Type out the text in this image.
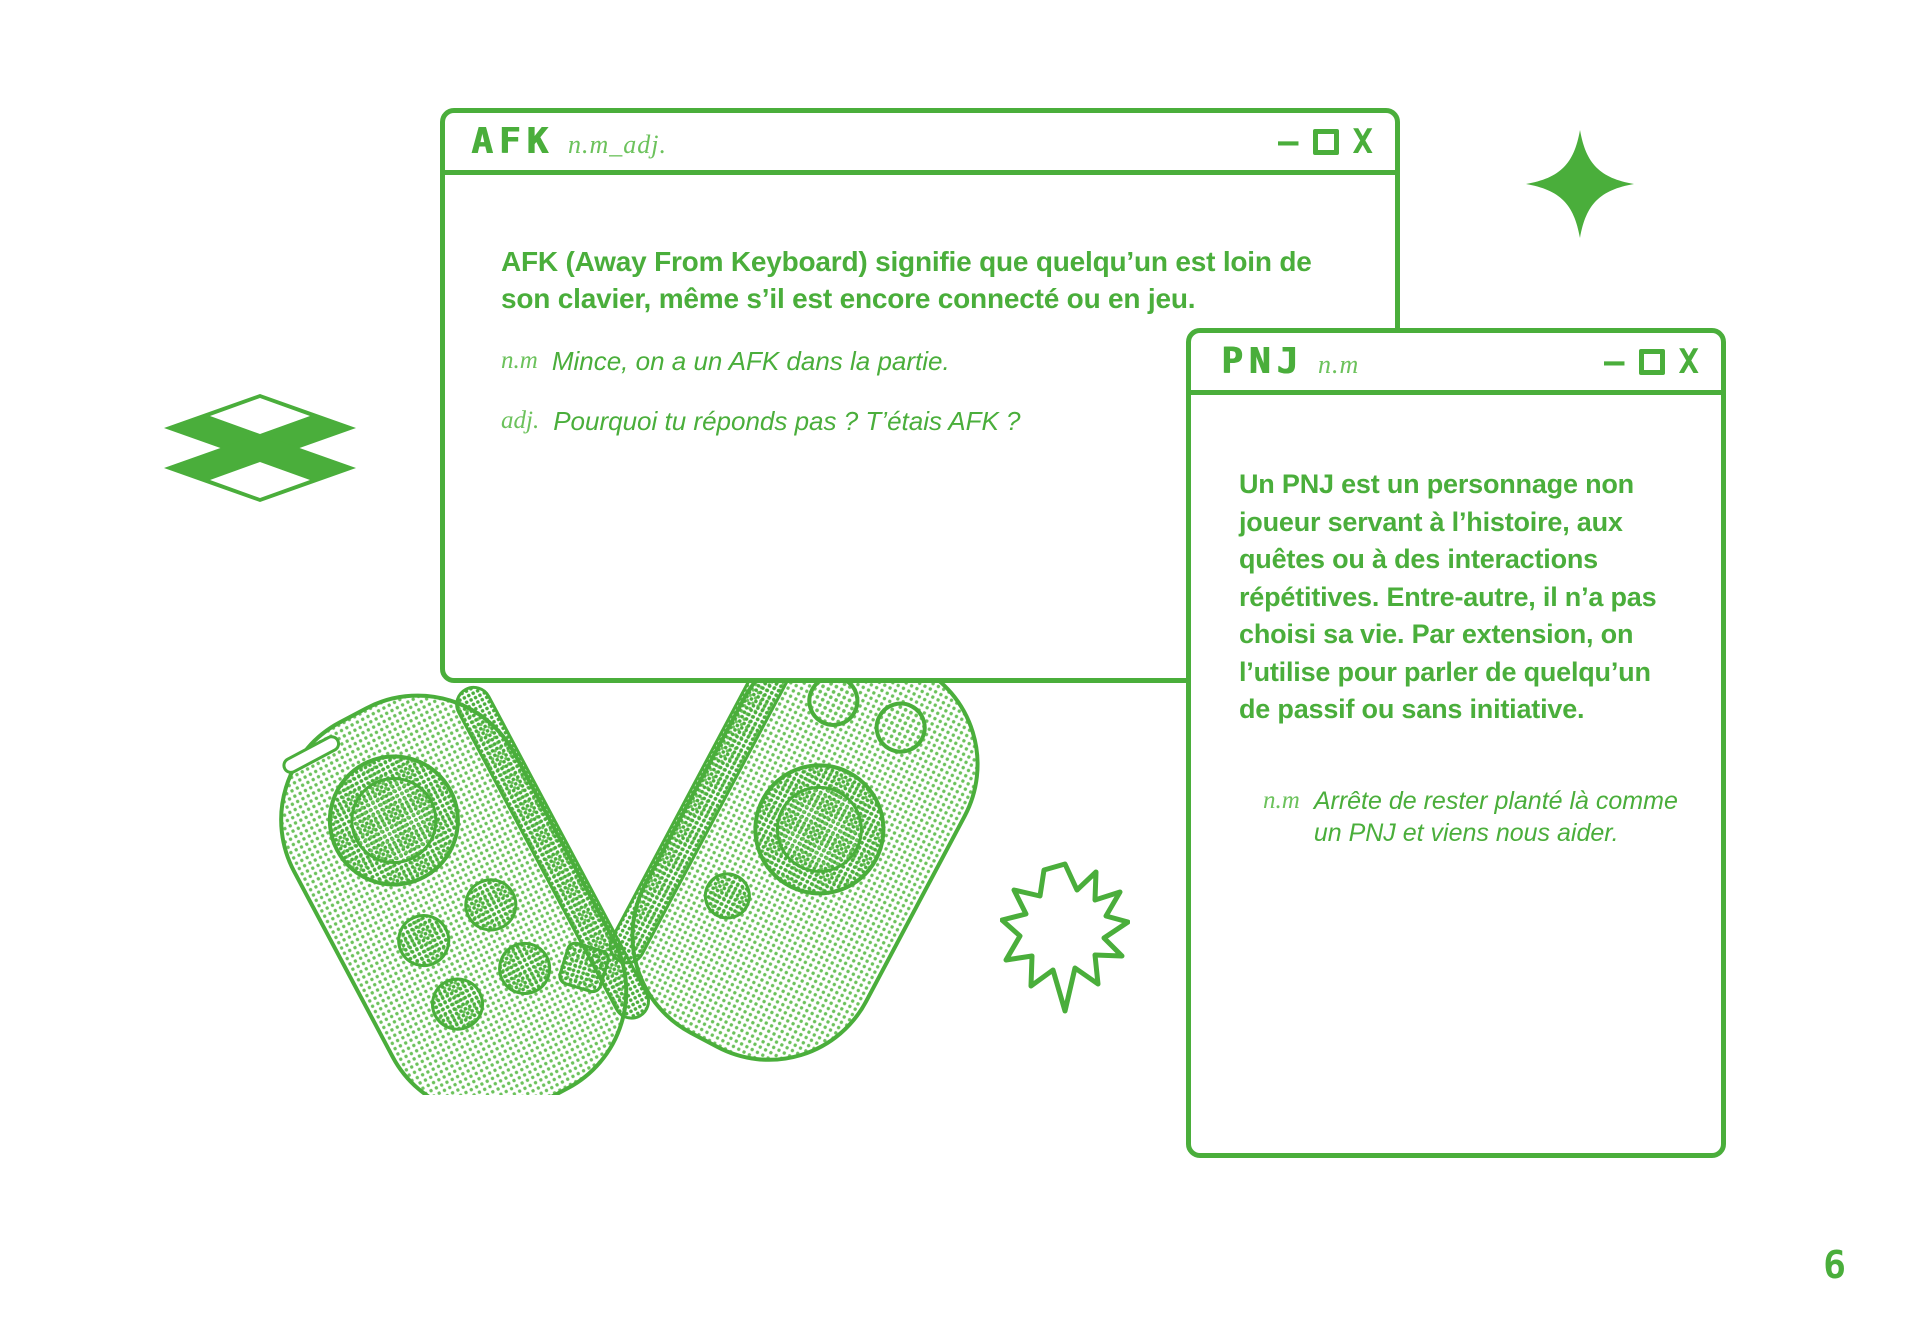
AFK n.m_adj.	– X

AFK (Away From Keyboard) signifie que quelqu’un est loin de son clavier, même s’il est encore connecté ou en jeu.

n.m Mince, on a un AFK dans la partie.
adj. Pourquoi tu réponds pas ? T’étais AFK ?
PNJ n.m	– X

Un PNJ est un personnage non joueur servant à l’histoire, aux quêtes ou à des interactions répétitives. Entre-autre, il n’a pas choisi sa vie. Par extension, on l’utilise pour parler de quelqu’un de passif ou sans initiative.

n.m Arrête de rester planté là comme un PNJ et viens nous aider.
6
